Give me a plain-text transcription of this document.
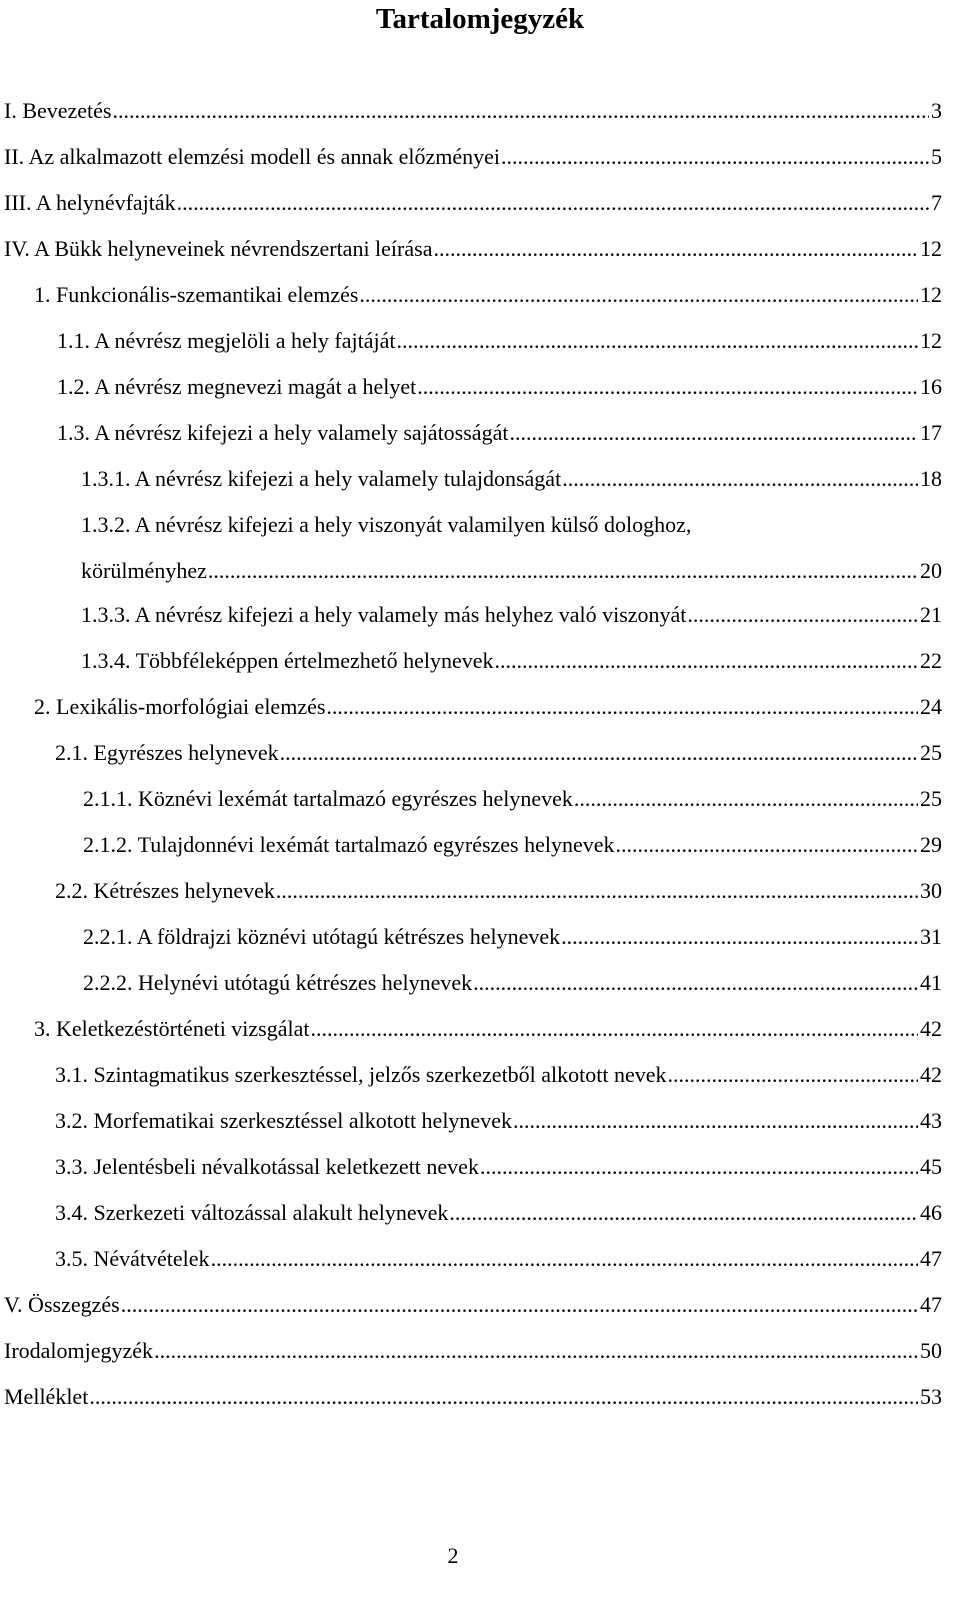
Tartalomjegyzék
I. Bevezetés .....	3
II. Az alkalmazott elemzési modell és annak előzményei .....	5
III. A helynévfajták .....	7
IV. A Bükk helyneveinek névrendszertani leírása .....	12
1. Funkcionális-szemantikai elemzés .....	12
1.1. A névrész megjelöli a hely fajtáját .....	12
1.2. A névrész megnevezi magát a helyet .....	16
1.3. A névrész kifejezi a hely valamely sajátosságát .....	17
1.3.1. A névrész kifejezi a hely valamely tulajdonságát .....	18
1.3.2. A névrész kifejezi a hely viszonyát valamilyen külső dologhoz,
körülményhez .....	20
1.3.3. A névrész kifejezi a hely valamely más helyhez való viszonyát .....	21
1.3.4. Többféleképpen értelmezhető helynevek .....	22
2. Lexikális-morfológiai elemzés .....	24
2.1. Egyrészes helynevek .....	25
2.1.1. Köznévi lexémát tartalmazó egyrészes helynevek .....	25
2.1.2. Tulajdonnévi lexémát tartalmazó egyrészes helynevek .....	29
2.2. Kétrészes helynevek .....	30
2.2.1. A földrajzi köznévi utótagú kétrészes helynevek .....	31
2.2.2. Helynévi utótagú kétrészes helynevek .....	41
3. Keletkezéstörténeti vizsgálat .....	42
3.1. Szintagmatikus szerkesztéssel, jelzős szerkezetből alkotott nevek .....	42
3.2. Morfematikai szerkesztéssel alkotott helynevek .....	43
3.3. Jelentésbeli névalkotással keletkezett nevek .....	45
3.4. Szerkezeti változással alakult helynevek .....	46
3.5. Névátvételek .....	47
V. Összegzés .....	47
Irodalomjegyzék .....	50
Melléklet .....	53
2
